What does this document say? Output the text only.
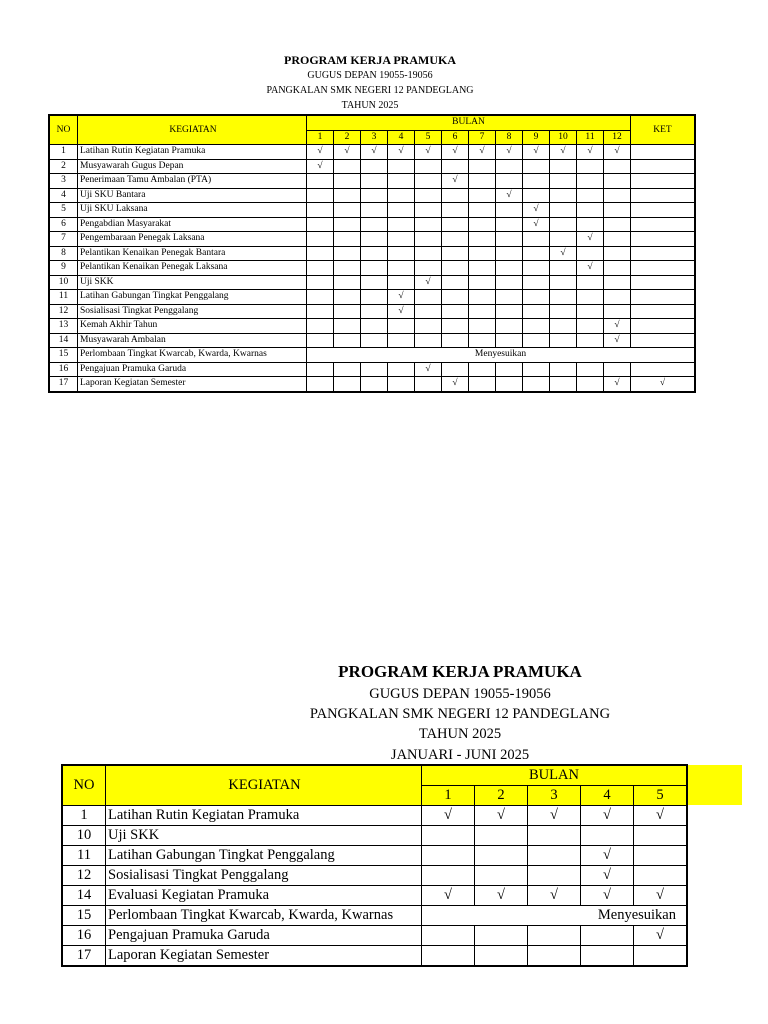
PROGRAM KERJA PRAMUKA
GUGUS DEPAN 19055-19056
PANGKALAN SMK NEGERI 12 PANDEGLANG
TAHUN 2025
NO	KEGIATAN	BULAN												KET
		1	2	3	4	5	6	7	8	9	10	11	12	
1	Latihan Rutin Kegiatan Pramuka	√	√	√	√	√	√	√	√	√	√	√	√	
2	Musyawarah Gugus Depan	√												
3	Penerimaan Tamu Ambalan (PTA)						√							
4	Uji SKU Bantara								√					
5	Uji SKU Laksana									√				
6	Pengabdian Masyarakat									√				
7	Pengembaraan Penegak Laksana											√		
8	Pelantikan Kenaikan Penegak Bantara										√			
9	Pelantikan Kenaikan Penegak Laksana											√		
10	Uji SKK					√								
11	Latihan Gabungan Tingkat Penggalang				√									
12	Sosialisasi Tingkat Penggalang				√									
13	Kemah Akhir Tahun												√	
14	Musyawarah Ambalan												√	
15	Perlombaan Tingkat Kwarcab, Kwarda, Kwarnas	Menyesuikan												
16	Pengajuan Pramuka Garuda					√								
17	Laporan Kegiatan Semester						√						√	√
PROGRAM KERJA PRAMUKA
GUGUS DEPAN 19055-19056
PANGKALAN SMK NEGERI 12 PANDEGLANG
TAHUN 2025
JANUARI - JUNI 2025
NO	KEGIATAN	BULAN				
		1	2	3	4	5
1	Latihan Rutin Kegiatan Pramuka	√	√	√	√	√
10	Uji SKK					
11	Latihan Gabungan Tingkat Penggalang				√	
12	Sosialisasi Tingkat Penggalang				√	
14	Evaluasi Kegiatan Pramuka	√	√	√	√	√
15	Perlombaan Tingkat Kwarcab, Kwarda, Kwarnas	Menyesuikan				
16	Pengajuan Pramuka Garuda					√
17	Laporan Kegiatan Semester					
